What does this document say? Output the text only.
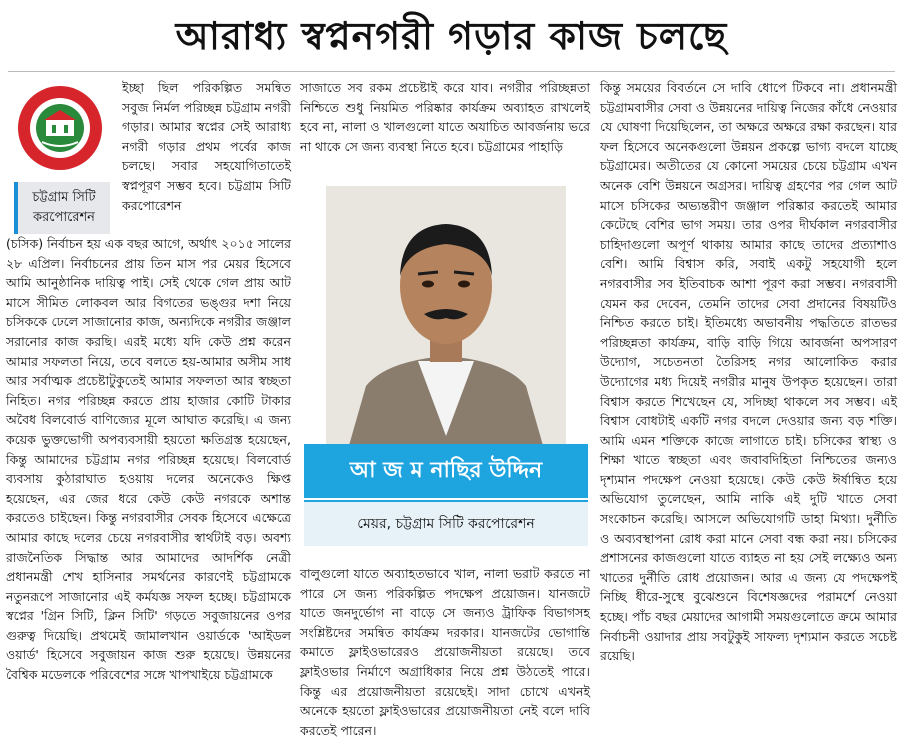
আরাধ্য স্বপ্ননগরী গড়ার কাজ চলছে
চট্টগ্রাম সিটি
করপোরেশন
ইচ্ছা ছিল পরিকল্পিত সমন্বিত সবুজ নির্মল পরিচ্ছন্ন চট্টগ্রাম নগরী গড়ার। আমার স্বপ্নের সেই আরাধ্য নগরী গড়ার প্রথম পর্বের কাজ চলছে। সবার সহযোগিতাতেই স্বপ্নপূরণ সম্ভব হবে। চট্টগ্রাম সিটি করপোরেশন

(চসিক) নির্বাচন হয় এক বছর আগে, অর্থাৎ ২০১৫ সালের ২৮ এপ্রিল। নির্বাচনের প্রায় তিন মাস পর মেয়র হিসেবে আমি আনুষ্ঠানিক দায়িত্ব পাই। সেই থেকে গেল প্রায় আট মাসে সীমিত লোকবল আর বিগতের ভঙ্গুর দশা নিয়ে চসিককে ঢেলে সাজানোর কাজ, অন্যদিকে নগরীর জঞ্জাল সরানোর কাজ করছি। এরই মধ্যে যদি কেউ প্রশ্ন করেন আমার সফলতা নিয়ে, তবে বলতে হয়-আমার অসীম সাধ আর সর্বাত্মক প্রচেষ্টাটুকুতেই আমার সফলতা আর স্বচ্ছতা নিহিত। নগর পরিচ্ছন্ন করতে প্রায় হাজার কোটি টাকার অবৈধ বিলবোর্ড বাণিজ্যের মূলে আঘাত করেছি। এ জন্য কয়েক ভুক্তভোগী অপব্যবসায়ী হয়তো ক্ষতিগ্রস্ত হয়েছেন, কিন্তু আমাদের চট্টগ্রাম নগর পরিচ্ছন্ন হয়েছে। বিলবোর্ড ব্যবসায় কুঠারাঘাত হওয়ায় দলের অনেকেও ক্ষিপ্ত হয়েছেন, এর জের ধরে কেউ কেউ নগরকে অশান্ত করতেও চাইছেন। কিন্তু নগরবাসীর সেবক হিসেবে এক্ষেত্রে আমার কাছে দলের চেয়ে নগরবাসীর স্বার্থটাই বড়। অবশ্য রাজনৈতিক সিদ্ধান্ত আর আমাদের আদর্শিক নেত্রী প্রধানমন্ত্রী শেখ হাসিনার সমর্থনের কারণেই চট্টগ্রামকে নতুনরূপে সাজানোর এই কর্মযজ্ঞ সফল হচ্ছে। চট্টগ্রামকে স্বপ্নের 'গ্রিন সিটি, ক্লিন সিটি' গড়তে সবুজায়নের ওপর গুরুত্ব দিয়েছি। প্রথমেই জামালখান ওয়ার্ডকে 'আইডল ওয়ার্ড' হিসেবে সবুজায়ন কাজ শুরু হয়েছে। উন্নয়নের বৈশ্বিক মডেলকে পরিবেশের সঙ্গে খাপখাইয়ে চট্টগ্রামকে

সাজাতে সব রকম প্রচেষ্টাই করে যাব। নগরীর পরিচ্ছন্নতা নিশ্চিতে শুধু নিয়মিত পরিষ্কার কার্যক্রম অব্যাহত রাখলেই হবে না, নালা ও খালগুলো যাতে অযাচিত আবর্জনায় ভরে না থাকে সে জন্য ব্যবস্থা নিতে হবে। চট্টগ্রামের পাহাড়ি

আ জ ম নাছির উদ্দিন
মেয়র, চট্টগ্রাম সিটি করপোরেশন
বালুগুলো যাতে অব্যাহতভাবে খাল, নালা ভরাট করতে না পারে সে জন্য পরিকল্পিত পদক্ষেপ প্রয়োজন। যানজটে যাতে জনদুর্ভোগ না বাড়ে সে জন্যও ট্রাফিক বিভাগসহ সংশ্লিষ্টদের সমন্বিত কার্যক্রম দরকার। যানজটের ভোগান্তি কমাতে ফ্লাইওভারেরও প্রয়োজনীয়তা রয়েছে। তবে ফ্লাইওভার নির্মাণে অগ্রাধিকার নিয়ে প্রশ্ন উঠতেই পারে। কিন্তু এর প্রয়োজনীয়তা রয়েছেই। সাদা চোখে এখনই অনেকে হয়তো ফ্লাইওভারের প্রয়োজনীয়তা নেই বলে দাবি করতেই পারেন।

কিন্তু সময়ের বিবর্তনে সে দাবি ধোপে টিকবে না। প্রধানমন্ত্রী চট্টগ্রামবাসীর সেবা ও উন্নয়নের দায়িত্ব নিজের কাঁধে নেওয়ার যে ঘোষণা দিয়েছিলেন, তা অক্ষরে অক্ষরে রক্ষা করছেন। যার ফল হিসেবে অনেকগুলো উন্নয়ন প্রকল্পে ভাগ্য বদলে যাচ্ছে চট্টগ্রামের। অতীতের যে কোনো সময়ের চেয়ে চট্টগ্রাম এখন অনেক বেশি উন্নয়নে অগ্রসর। দায়িত্ব গ্রহণের পর গেল আট মাসে চসিকের অভ্যন্তরীণ জঞ্জাল পরিষ্কার করতেই আমার কেটেছে বেশির ভাগ সময়। তার ওপর দীর্ঘকাল নগরবাসীর চাহিদাগুলো অপূর্ণ থাকায় আমার কাছে তাদের প্রত্যাশাও বেশি। আমি বিশ্বাস করি, সবাই একটু সহযোগী হলে নগরবাসীর সব ইতিবাচক আশা পূরণ করা সম্ভব। নগরবাসী যেমন কর দেবেন, তেমনি তাদের সেবা প্রদানের বিষয়টিও নিশ্চিত করতে চাই। ইতিমধ্যে অভাবনীয় পদ্ধতিতে রাতভর পরিচ্ছন্নতা কার্যক্রম, বাড়ি বাড়ি গিয়ে আবর্জনা অপসারণ উদ্যোগ, সচেতনতা তৈরিসহ নগর আলোকিত করার উদ্যোগের মধ্য দিয়েই নগরীর মানুষ উপকৃত হয়েছেন। তারা বিশ্বাস করতে শিখেছেন যে, সদিচ্ছা থাকলে সব সম্ভব। এই বিশ্বাস বোধটাই একটি নগর বদলে দেওয়ার জন্য বড় শক্তি। আমি এমন শক্তিকে কাজে লাগাতে চাই। চসিকের স্বাস্থ্য ও শিক্ষা খাতে স্বচ্ছতা এবং জবাবদিহিতা নিশ্চিতের জন্যও দৃশ্যমান পদক্ষেপ নেওয়া হয়েছে। কেউ কেউ ঈর্ষান্বিত হয়ে অভিযোগ তুলেছেন, আমি নাকি এই দুটি খাতে সেবা সংকোচন করেছি। আসলে অভিযোগটি ডাহা মিথ্যা। দুর্নীতি ও অব্যবস্থাপনা রোধ করা মানে সেবা বন্ধ করা নয়। চসিকের প্রশাসনের কাজগুলো যাতে ব্যাহত না হয় সেই লক্ষ্যেও অন্য খাতের দুর্নীতি রোধ প্রয়োজন। আর এ জন্য যে পদক্ষেপই নিচ্ছি ধীরে-সুস্থে বুঝেশুনে বিশেষজ্ঞদের পরামর্শে নেওয়া হচ্ছে। পাঁচ বছর মেয়াদের আগামী সময়গুলোতে ক্রমে আমার নির্বাচনী ওয়াদার প্রায় সবটুকুই সাফল্য দৃশ্যমান করতে সচেষ্ট রয়েছি।
